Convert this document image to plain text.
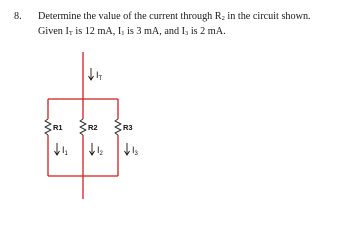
8. Determine the value of the current through $R_2$ in the circuit shown.
Given $I_T$ is 12 mA, $I_1$ is 3 mA, and $I_3$ is 2 mA.
R1	R2	R3
$I_T$
$I_1$	$I_2$	$I_3$
